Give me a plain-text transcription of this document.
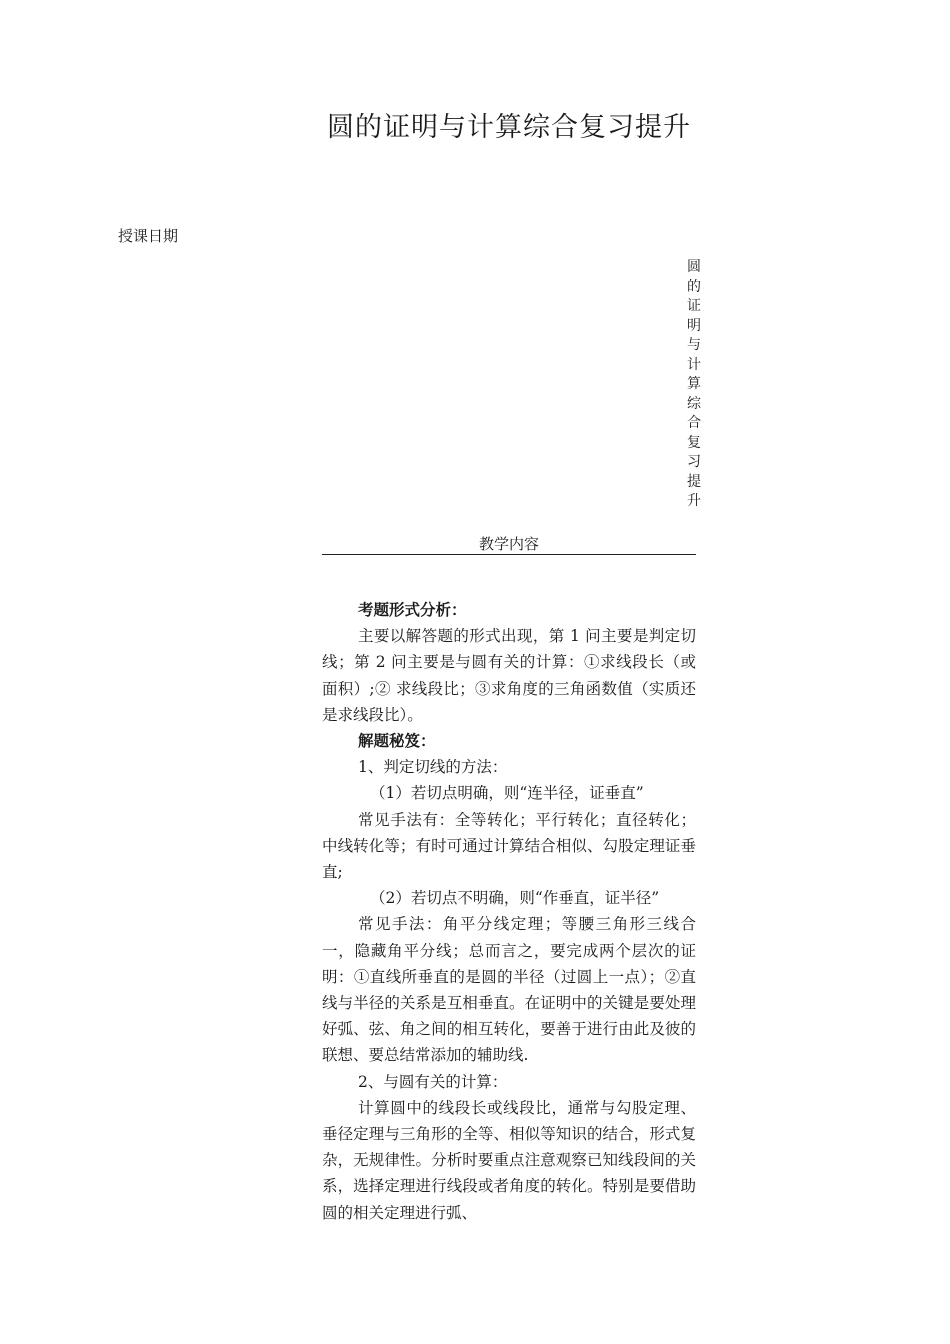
圆的证明与计算综合复习提升
授课日期
圆
的
证
明
与
计
算
综
合
复
习
提
升
教学内容

考题形式分析：

主要以解答题的形式出现，第 1 问主要是判定切线；第 2 问主要是与圆有关的计算：①求线段长（或面积）;② 求线段比；③求角度的三角函数值（实质还是求线段比）。

解题秘笈：

1、判定切线的方法：

（1）若切点明确，则“连半径，证垂直”

常见手法有：全等转化；平行转化；直径转化；中线转化等；有时可通过计算结合相似、勾股定理证垂直;

（2）若切点不明确，则“作垂直，证半径”

常见手法：角平分线定理；等腰三角形三线合一，隐藏角平分线；总而言之，要完成两个层次的证明：①直线所垂直的是圆的半径（过圆上一点）；②直线与半径的关系是互相垂直。在证明中的关键是要处理好弧、弦、角之间的相互转化，要善于进行由此及彼的联想、要总结常添加的辅助线.

2、与圆有关的计算：

计算圆中的线段长或线段比，通常与勾股定理、垂径定理与三角形的全等、相似等知识的结合，形式复杂，无规律性。分析时要重点注意观察已知线段间的关系，选择定理进行线段或者角度的转化。特别是要借助圆的相关定理进行弧、
